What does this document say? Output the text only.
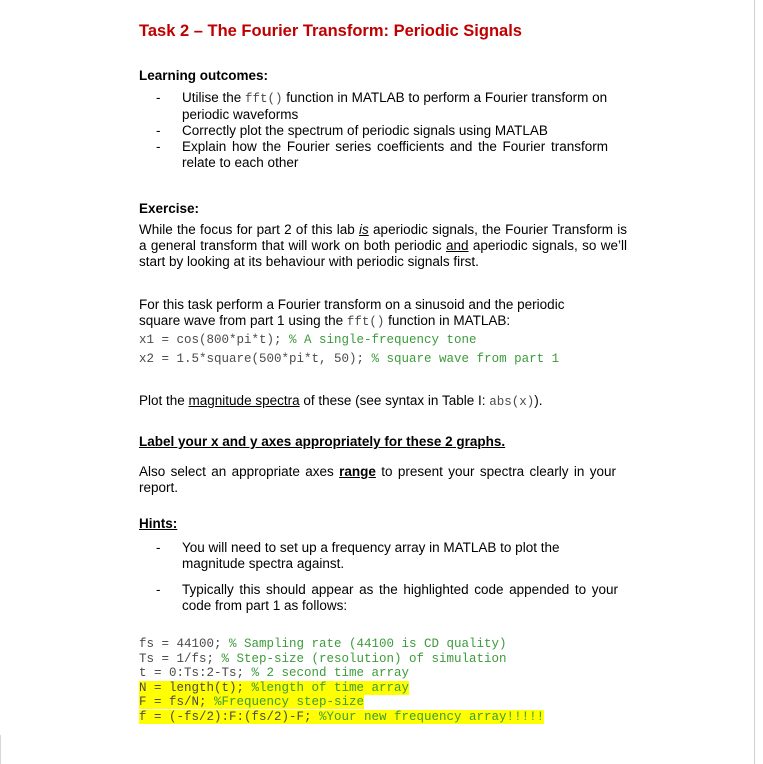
Task 2 – The Fourier Transform: Periodic Signals
Learning outcomes:
- Utilise the fft() function in MATLAB to perform a Fourier transform on periodic waveforms
- Correctly plot the spectrum of periodic signals using MATLAB
- Explain how the Fourier series coefficients and the Fourier transform relate to each other
Exercise:
While the focus for part 2 of this lab is aperiodic signals, the Fourier Transform is a general transform that will work on both periodic and aperiodic signals, so we’ll start by looking at its behaviour with periodic signals first.
For this task perform a Fourier transform on a sinusoid and the periodic
square wave from part 1 using the fft() function in MATLAB:
x1 = cos(800*pi*t); % A single-frequency tone
x2 = 1.5*square(500*pi*t, 50); % square wave from part 1
Plot the magnitude spectra of these (see syntax in Table I: abs(x)).
Label your x and y axes appropriately for these 2 graphs.
Also select an appropriate axes range to present your spectra clearly in your report.
Hints:
- You will need to set up a frequency array in MATLAB to plot the magnitude spectra against.
- Typically this should appear as the highlighted code appended to your code from part 1 as follows:
fs = 44100; % Sampling rate (44100 is CD quality)
Ts = 1/fs; % Step-size (resolution) of simulation
t = 0:Ts:2-Ts; % 2 second time array
N = length(t); %length of time array
F = fs/N; %Frequency step-size
f = (-fs/2):F:(fs/2)-F; %Your new frequency array!!!!!
